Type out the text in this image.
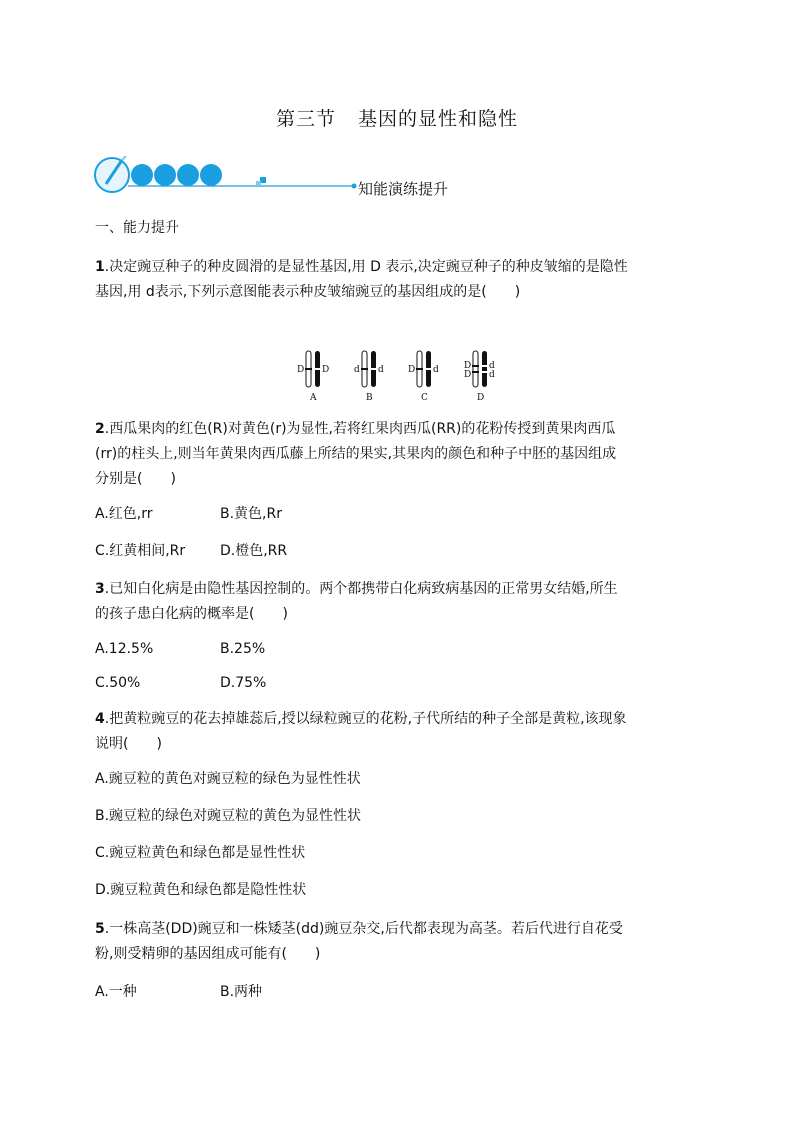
第三节 基因的显性和隐性
知能演练提升
一、能力提升
1.决定豌豆种子的种皮圆滑的是显性基因,用 D 表示,决定豌豆种子的种皮皱缩的是隐性
基因,用 d表示,下列示意图能表示种皮皱缩豌豆的基因组成的是(　　)
D D
A
d d
B
D d
C
D
D
d
d
D
2.西瓜果肉的红色(R)对黄色(r)为显性,若将红果肉西瓜(RR)的花粉传授到黄果肉西瓜
(rr)的柱头上,则当年黄果肉西瓜藤上所结的果实,其果肉的颜色和种子中胚的基因组成
分别是(　　)
A.红色,rr	B.黄色,Rr
C.红黄相间,Rr D.橙色,RR
3.已知白化病是由隐性基因控制的。两个都携带白化病致病基因的正常男女结婚,所生
的孩子患白化病的概率是(　　)
A.12.5%	B.25%
C.50%	D.75%
4.把黄粒豌豆的花去掉雄蕊后,授以绿粒豌豆的花粉,子代所结的种子全部是黄粒,该现象
说明(　　)
A.豌豆粒的黄色对豌豆粒的绿色为显性性状
B.豌豆粒的绿色对豌豆粒的黄色为显性性状
C.豌豆粒黄色和绿色都是显性性状
D.豌豆粒黄色和绿色都是隐性性状
5.一株高茎(DD)豌豆和一株矮茎(dd)豌豆杂交,后代都表现为高茎。若后代进行自花受
粉,则受精卵的基因组成可能有(　　)
A.一种	B.两种
